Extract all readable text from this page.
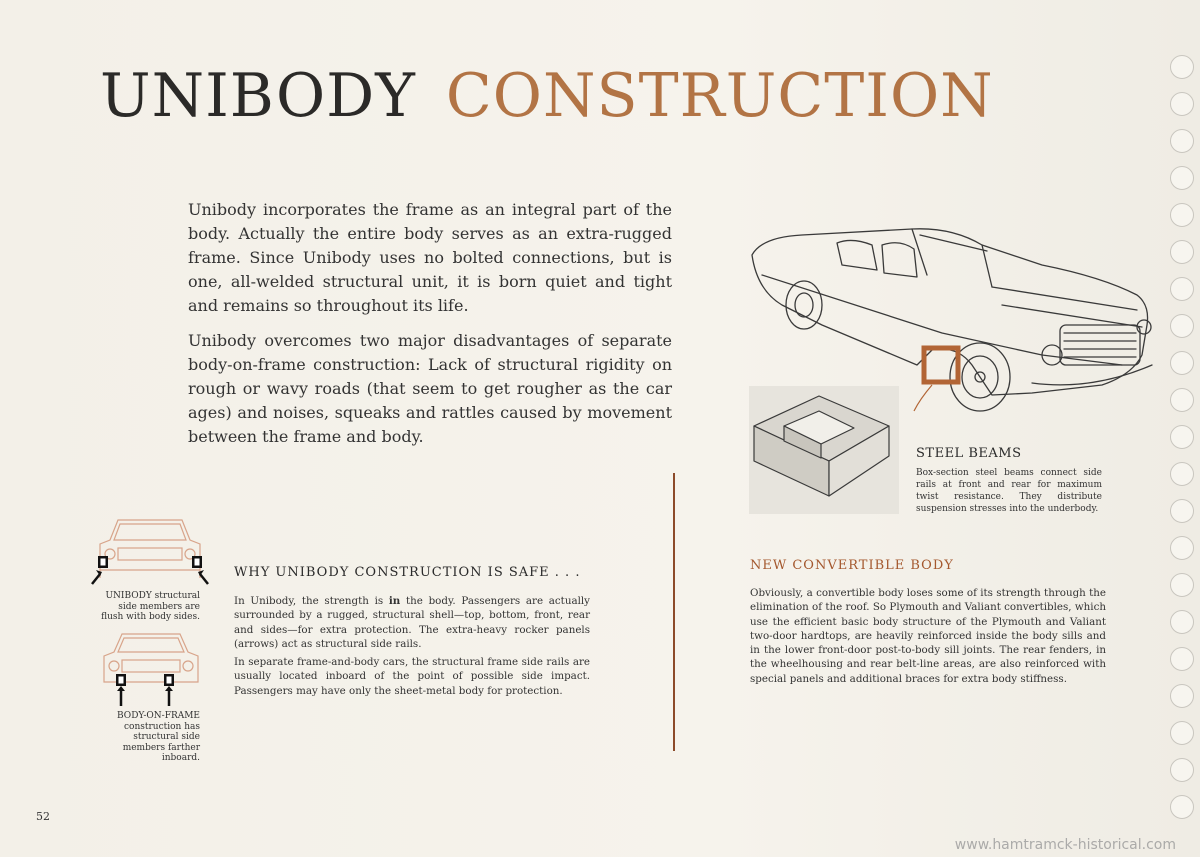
UNIBODY CONSTRUCTION

Unibody incorporates the frame as an integral part of the body. Actually the entire body serves as an extra-rugged frame. Since Unibody uses no bolted connections, but is one, all-welded structural unit, it is born quiet and tight and remains so throughout its life.

Unibody overcomes two major disadvantages of separate body-on-frame construction: Lack of structural rigidity on rough or wavy roads (that seem to get rougher as the car ages) and noises, squeaks and rattles caused by movement between the frame and body.

STEEL BEAMS
Box-section steel beams connect side rails at front and rear for maximum twist resistance. They distribute suspension stresses into the underbody.
NEW CONVERTIBLE BODY
Obviously, a convertible body loses some of its strength through the elimination of the roof. So Plymouth and Valiant convertibles, which use the efficient basic body structure of the Plymouth and Valiant two-door hardtops, are heavily reinforced inside the body sills and in the lower front-door post-to-body sill joints. The rear fenders, in the wheelhousing and rear belt-line areas, are also reinforced with special panels and additional braces for extra body stiffness.
UNIBODY structural side members are flush with body sides.
BODY-ON-FRAME construction has structural side members farther inboard.
WHY UNIBODY CONSTRUCTION IS SAFE . . .

In Unibody, the strength is in the body. Passengers are actually surrounded by a rugged, structural shell—top, bottom, front, rear and sides—for extra protection. The extra-heavy rocker panels (arrows) act as structural side rails.

In separate frame-and-body cars, the structural frame side rails are usually located inboard of the point of possible side impact. Passengers may have only the sheet-metal body for protection.

52
www.hamtramck-historical.com
